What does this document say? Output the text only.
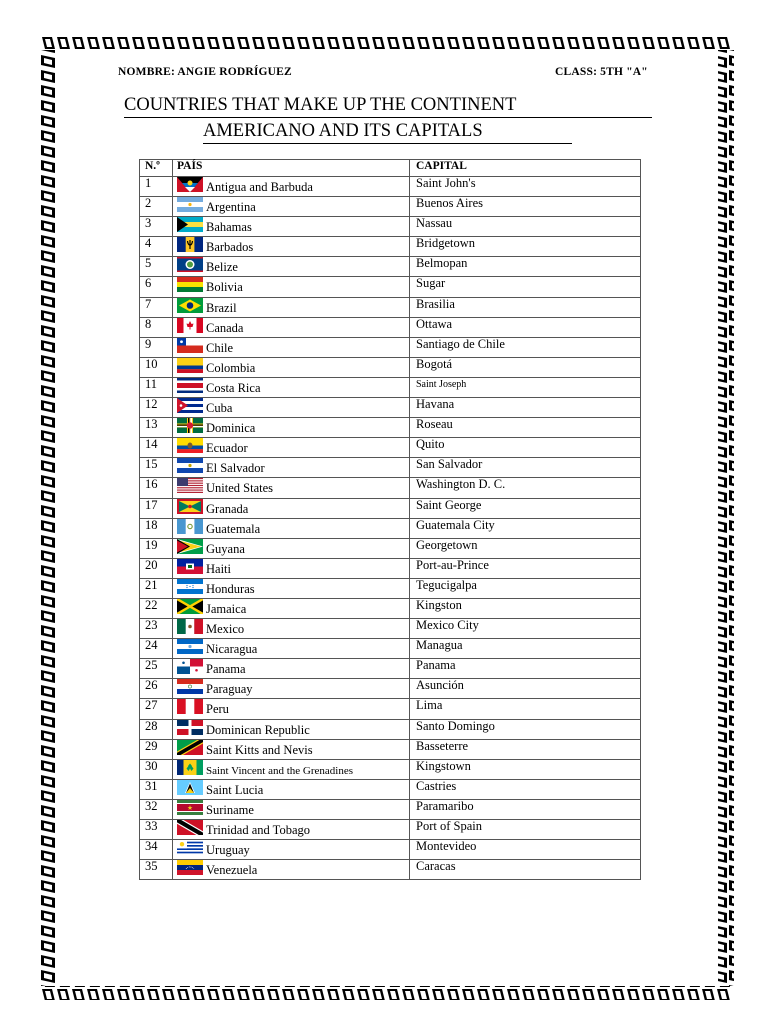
NOMBRE: ANGIE RODRÍGUEZ	CLASS: 5TH "A"
COUNTRIES THAT MAKE UP THE CONTINENT
AMERICANO AND ITS CAPITALS
N.º	PAÍS	CAPITAL
1	Antigua and Barbuda	Saint John's
2	Argentina	Buenos Aires
3	Bahamas	Nassau
4	Barbados	Bridgetown
5	Belize	Belmopan
6	Bolivia	Sugar
7	Brazil	Brasilia
8	Canada	Ottawa
9	Chile	Santiago de Chile
10	Colombia	Bogotá
11	Costa Rica	Saint Joseph
12	Cuba	Havana
13	Dominica	Roseau
14	Ecuador	Quito
15	El Salvador	San Salvador
16	United States	Washington D. C.
17	Granada	Saint George
18	Guatemala	Guatemala City
19	Guyana	Georgetown
20	Haiti	Port-au-Prince
21	Honduras	Tegucigalpa
22	Jamaica	Kingston
23	Mexico	Mexico City
24	Nicaragua	Managua
25	Panama	Panama
26	Paraguay	Asunción
27	Peru	Lima
28	Dominican Republic	Santo Domingo
29	Saint Kitts and Nevis	Basseterre
30	Saint Vincent and the Grenadines	Kingstown
31	Saint Lucia	Castries
32	Suriname	Paramaribo
33	Trinidad and Tobago	Port of Spain
34	Uruguay	Montevideo
35	Venezuela	Caracas
